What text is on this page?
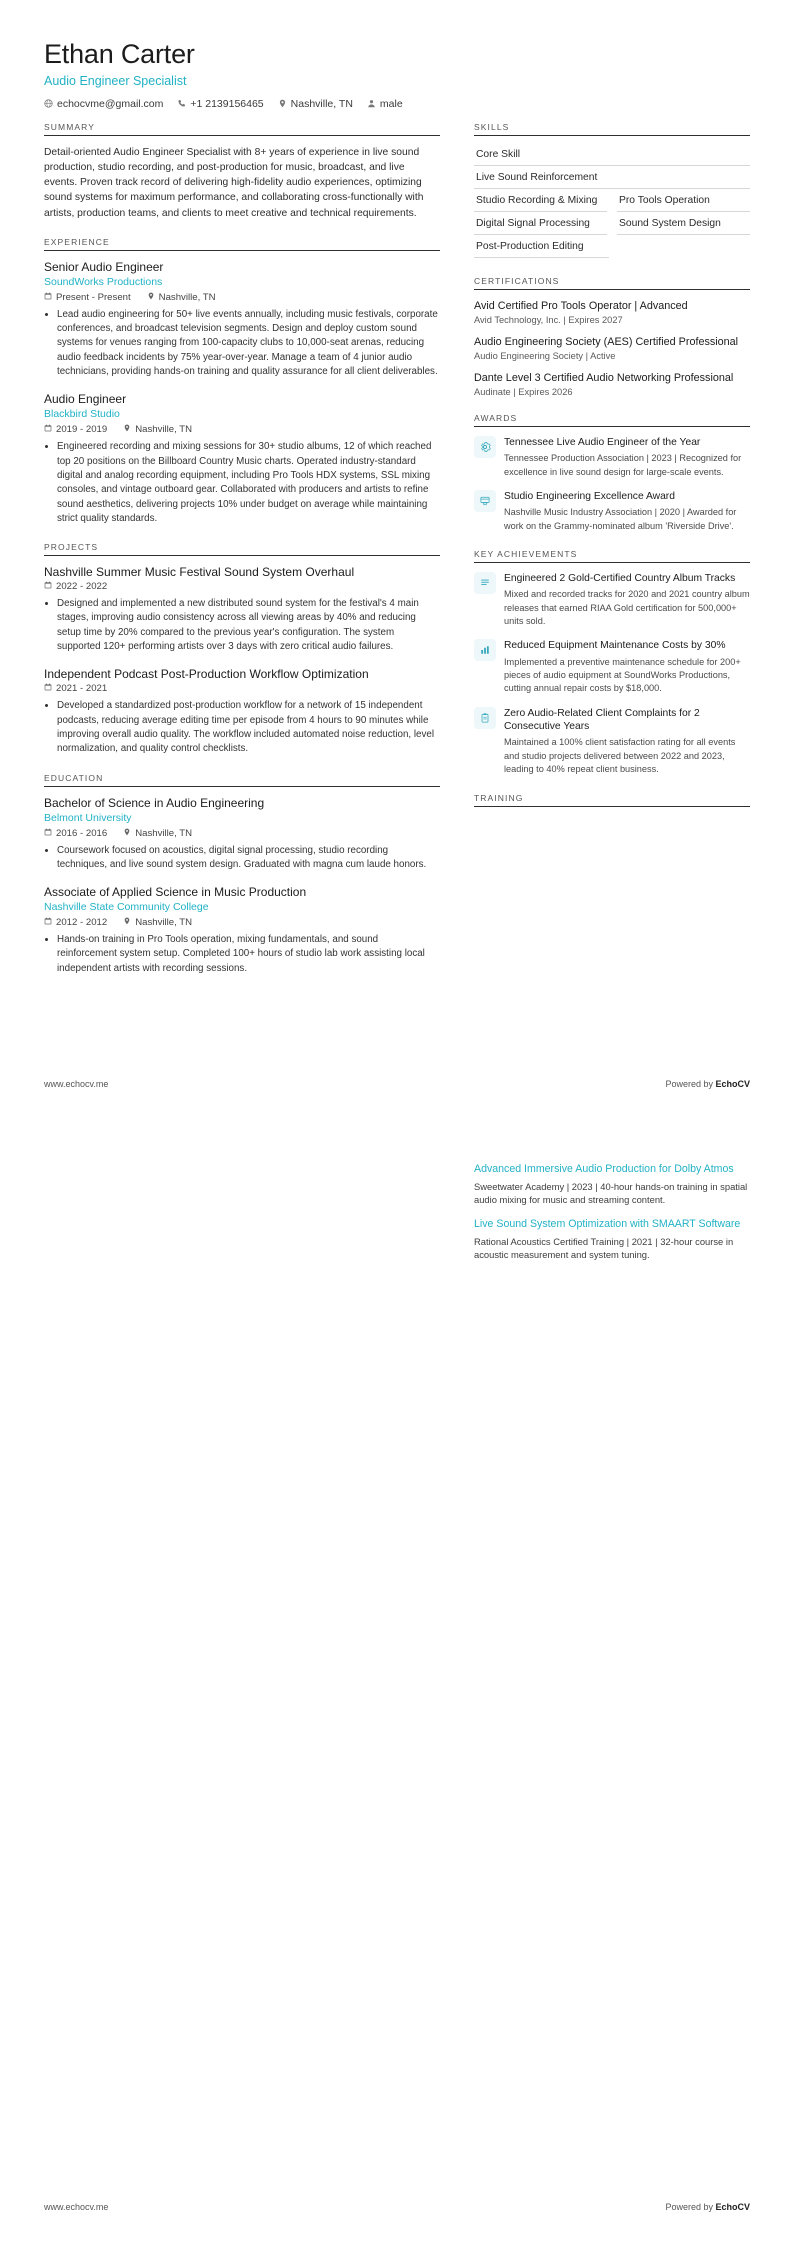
Ethan Carter
Audio Engineer Specialist
echocvme@gmail.com	+1 2139156465	Nashville, TN	male
SUMMARY
Detail-oriented Audio Engineer Specialist with 8+ years of experience in live sound production, studio recording, and post-production for music, broadcast, and live events. Proven track record of delivering high-fidelity audio experiences, optimizing sound systems for maximum performance, and collaborating cross-functionally with artists, production teams, and clients to meet creative and technical requirements.
EXPERIENCE
Senior Audio Engineer
SoundWorks Productions
Present - Present	Nashville, TN
• Lead audio engineering for 50+ live events annually, including music festivals, corporate conferences, and broadcast television segments. Design and deploy custom sound systems for venues ranging from 100-capacity clubs to 10,000-seat arenas, reducing audio feedback incidents by 75% year-over-year. Manage a team of 4 junior audio technicians, providing hands-on training and quality assurance for all client deliverables.
Audio Engineer
Blackbird Studio
2019 - 2019	Nashville, TN
• Engineered recording and mixing sessions for 30+ studio albums, 12 of which reached top 20 positions on the Billboard Country Music charts. Operated industry-standard digital and analog recording equipment, including Pro Tools HDX systems, SSL mixing consoles, and vintage outboard gear. Collaborated with producers and artists to refine sound aesthetics, delivering projects 10% under budget on average while maintaining strict quality standards.
PROJECTS
Nashville Summer Music Festival Sound System Overhaul
2022 - 2022
• Designed and implemented a new distributed sound system for the festival's 4 main stages, improving audio consistency across all viewing areas by 40% and reducing setup time by 20% compared to the previous year's configuration. The system supported 120+ performing artists over 3 days with zero critical audio failures.
Independent Podcast Post-Production Workflow Optimization
2021 - 2021
• Developed a standardized post-production workflow for a network of 15 independent podcasts, reducing average editing time per episode from 4 hours to 90 minutes while improving overall audio quality. The workflow included automated noise reduction, level normalization, and quality control checklists.
EDUCATION
Bachelor of Science in Audio Engineering
Belmont University
2016 - 2016	Nashville, TN
• Coursework focused on acoustics, digital signal processing, studio recording techniques, and live sound system design. Graduated with magna cum laude honors.
Associate of Applied Science in Music Production
Nashville State Community College
2012 - 2012	Nashville, TN
• Hands-on training in Pro Tools operation, mixing fundamentals, and sound reinforcement system setup. Completed 100+ hours of studio lab work assisting local independent artists with recording sessions.
SKILLS
Core Skill
Live Sound Reinforcement
Studio Recording & Mixing	Pro Tools Operation
Digital Signal Processing	Sound System Design
Post-Production Editing
CERTIFICATIONS
Avid Certified Pro Tools Operator | Advanced
Avid Technology, Inc. | Expires 2027
Audio Engineering Society (AES) Certified Professional
Audio Engineering Society | Active
Dante Level 3 Certified Audio Networking Professional
Audinate | Expires 2026
AWARDS
Tennessee Live Audio Engineer of the Year
Tennessee Production Association | 2023 | Recognized for excellence in live sound design for large-scale events.
Studio Engineering Excellence Award
Nashville Music Industry Association | 2020 | Awarded for work on the Grammy-nominated album 'Riverside Drive'.
KEY ACHIEVEMENTS
Engineered 2 Gold-Certified Country Album Tracks
Mixed and recorded tracks for 2020 and 2021 country album releases that earned RIAA Gold certification for 500,000+ units sold.
Reduced Equipment Maintenance Costs by 30%
Implemented a preventive maintenance schedule for 200+ pieces of audio equipment at SoundWorks Productions, cutting annual repair costs by $18,000.
Zero Audio-Related Client Complaints for 2 Consecutive Years
Maintained a 100% client satisfaction rating for all events and studio projects delivered between 2022 and 2023, leading to 40% repeat client business.
TRAINING
www.echocv.me	Powered by EchoCV
Advanced Immersive Audio Production for Dolby Atmos
Sweetwater Academy | 2023 | 40-hour hands-on training in spatial audio mixing for music and streaming content.
Live Sound System Optimization with SMAART Software
Rational Acoustics Certified Training | 2021 | 32-hour course in acoustic measurement and system tuning.
www.echocv.me	Powered by EchoCV
